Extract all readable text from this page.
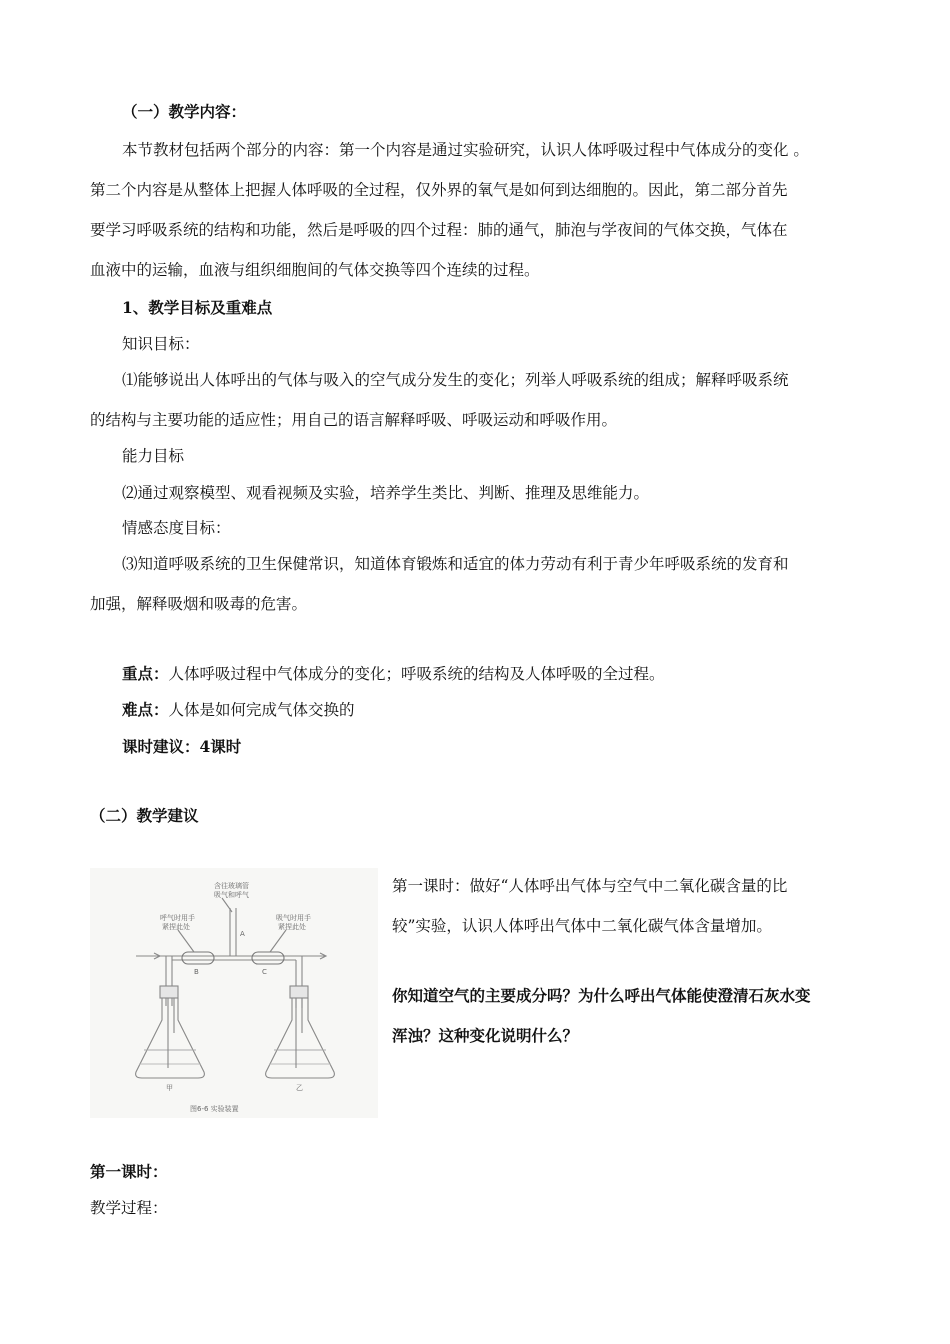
（一）教学内容：
本节教材包括两个部分的内容：第一个内容是通过实验研究，认识人体呼吸过程中气体成分的变化 。
第二个内容是从整体上把握人体呼吸的全过程，仅外界的氧气是如何到达细胞的。因此，第二部分首先
要学习呼吸系统的结构和功能，然后是呼吸的四个过程：肺的通气，肺泡与学夜间的气体交换，气体在
血液中的运输，血液与组织细胞间的气体交换等四个连续的过程。
1、教学目标及重难点
知识目标：
⑴能够说出人体呼出的气体与吸入的空气成分发生的变化；列举人呼吸系统的组成；解释呼吸系统
的结构与主要功能的适应性；用自己的语言解释呼吸、呼吸运动和呼吸作用。
能力目标
⑵通过观察模型、观看视频及实验，培养学生类比、判断、推理及思维能力。
情感态度目标：
⑶知道呼吸系统的卫生保健常识，知道体育锻炼和适宜的体力劳动有利于青少年呼吸系统的发育和
加强，解释吸烟和吸毒的危害。
重点：人体呼吸过程中气体成分的变化；呼吸系统的结构及人体呼吸的全过程。
难点：人体是如何完成气体交换的
课时建议：4课时
（二）教学建议
含往玻璃管
吸气和呼气
呼气时用手
紧捏此处
吸气时用手
紧捏此处
A
B	C
甲	乙
图6-6 实验装置
第一课时：做好“人体呼出气体与空气中二氧化碳含量的比
较”实验，认识人体呼出气体中二氧化碳气体含量增加。
你知道空气的主要成分吗？为什么呼出气体能使澄清石灰水变
浑浊？这种变化说明什么？
第一课时：
教学过程：
